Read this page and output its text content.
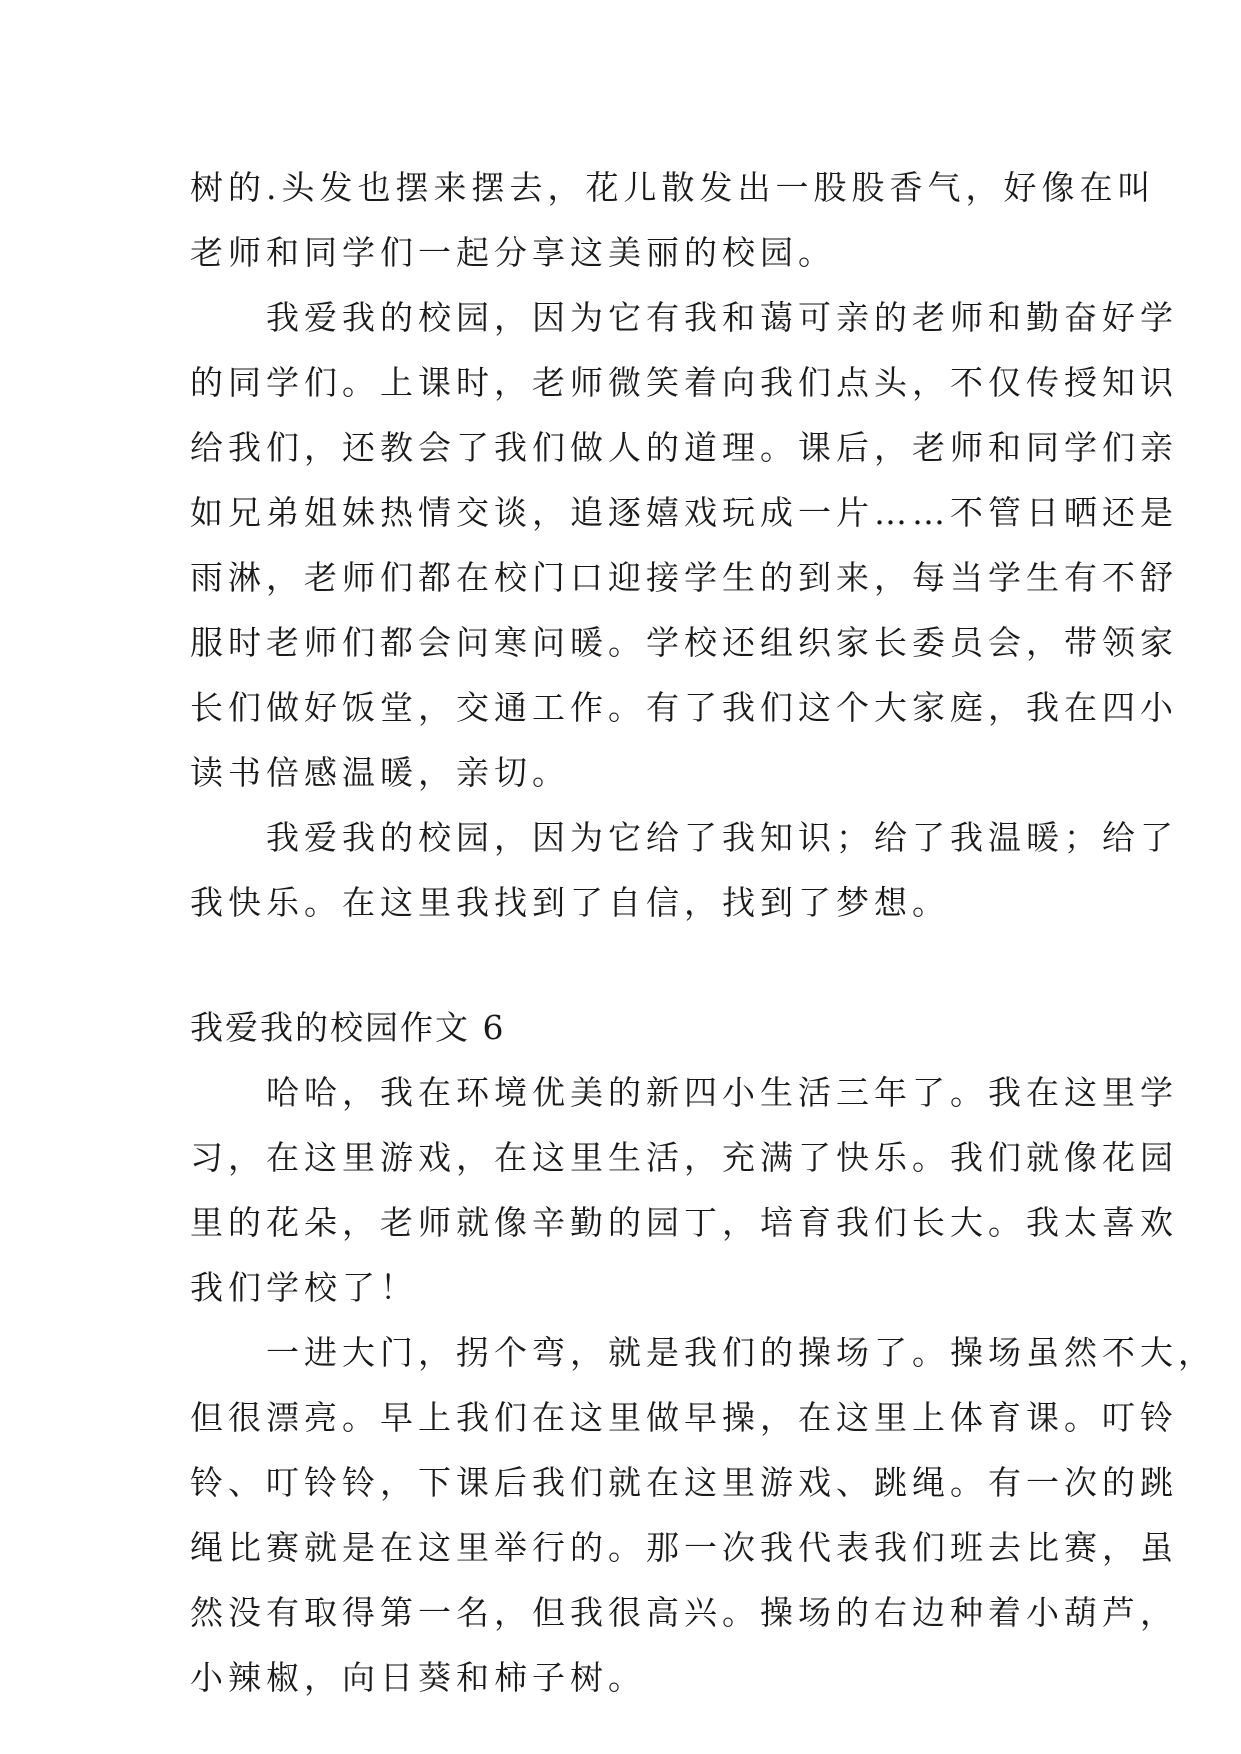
树的.头发也摆来摆去，花儿散发出一股股香气，好像在叫
老师和同学们一起分享这美丽的校园。
　　我爱我的校园，因为它有我和蔼可亲的老师和勤奋好学
的同学们。上课时，老师微笑着向我们点头，不仅传授知识
给我们，还教会了我们做人的道理。课后，老师和同学们亲
如兄弟姐妹热情交谈，追逐嬉戏玩成一片……不管日晒还是
雨淋，老师们都在校门口迎接学生的到来，每当学生有不舒
服时老师们都会问寒问暖。学校还组织家长委员会，带领家
长们做好饭堂，交通工作。有了我们这个大家庭，我在四小
读书倍感温暖，亲切。
　　我爱我的校园，因为它给了我知识；给了我温暖；给了
我快乐。在这里我找到了自信，找到了梦想。
我爱我的校园作文 6
　　哈哈，我在环境优美的新四小生活三年了。我在这里学
习，在这里游戏，在这里生活，充满了快乐。我们就像花园
里的花朵，老师就像辛勤的园丁，培育我们长大。我太喜欢
我们学校了！
　　一进大门，拐个弯，就是我们的操场了。操场虽然不大，
但很漂亮。早上我们在这里做早操，在这里上体育课。叮铃
铃、叮铃铃，下课后我们就在这里游戏、跳绳。有一次的跳
绳比赛就是在这里举行的。那一次我代表我们班去比赛，虽
然没有取得第一名，但我很高兴。操场的右边种着小葫芦，
小辣椒，向日葵和柿子树。
